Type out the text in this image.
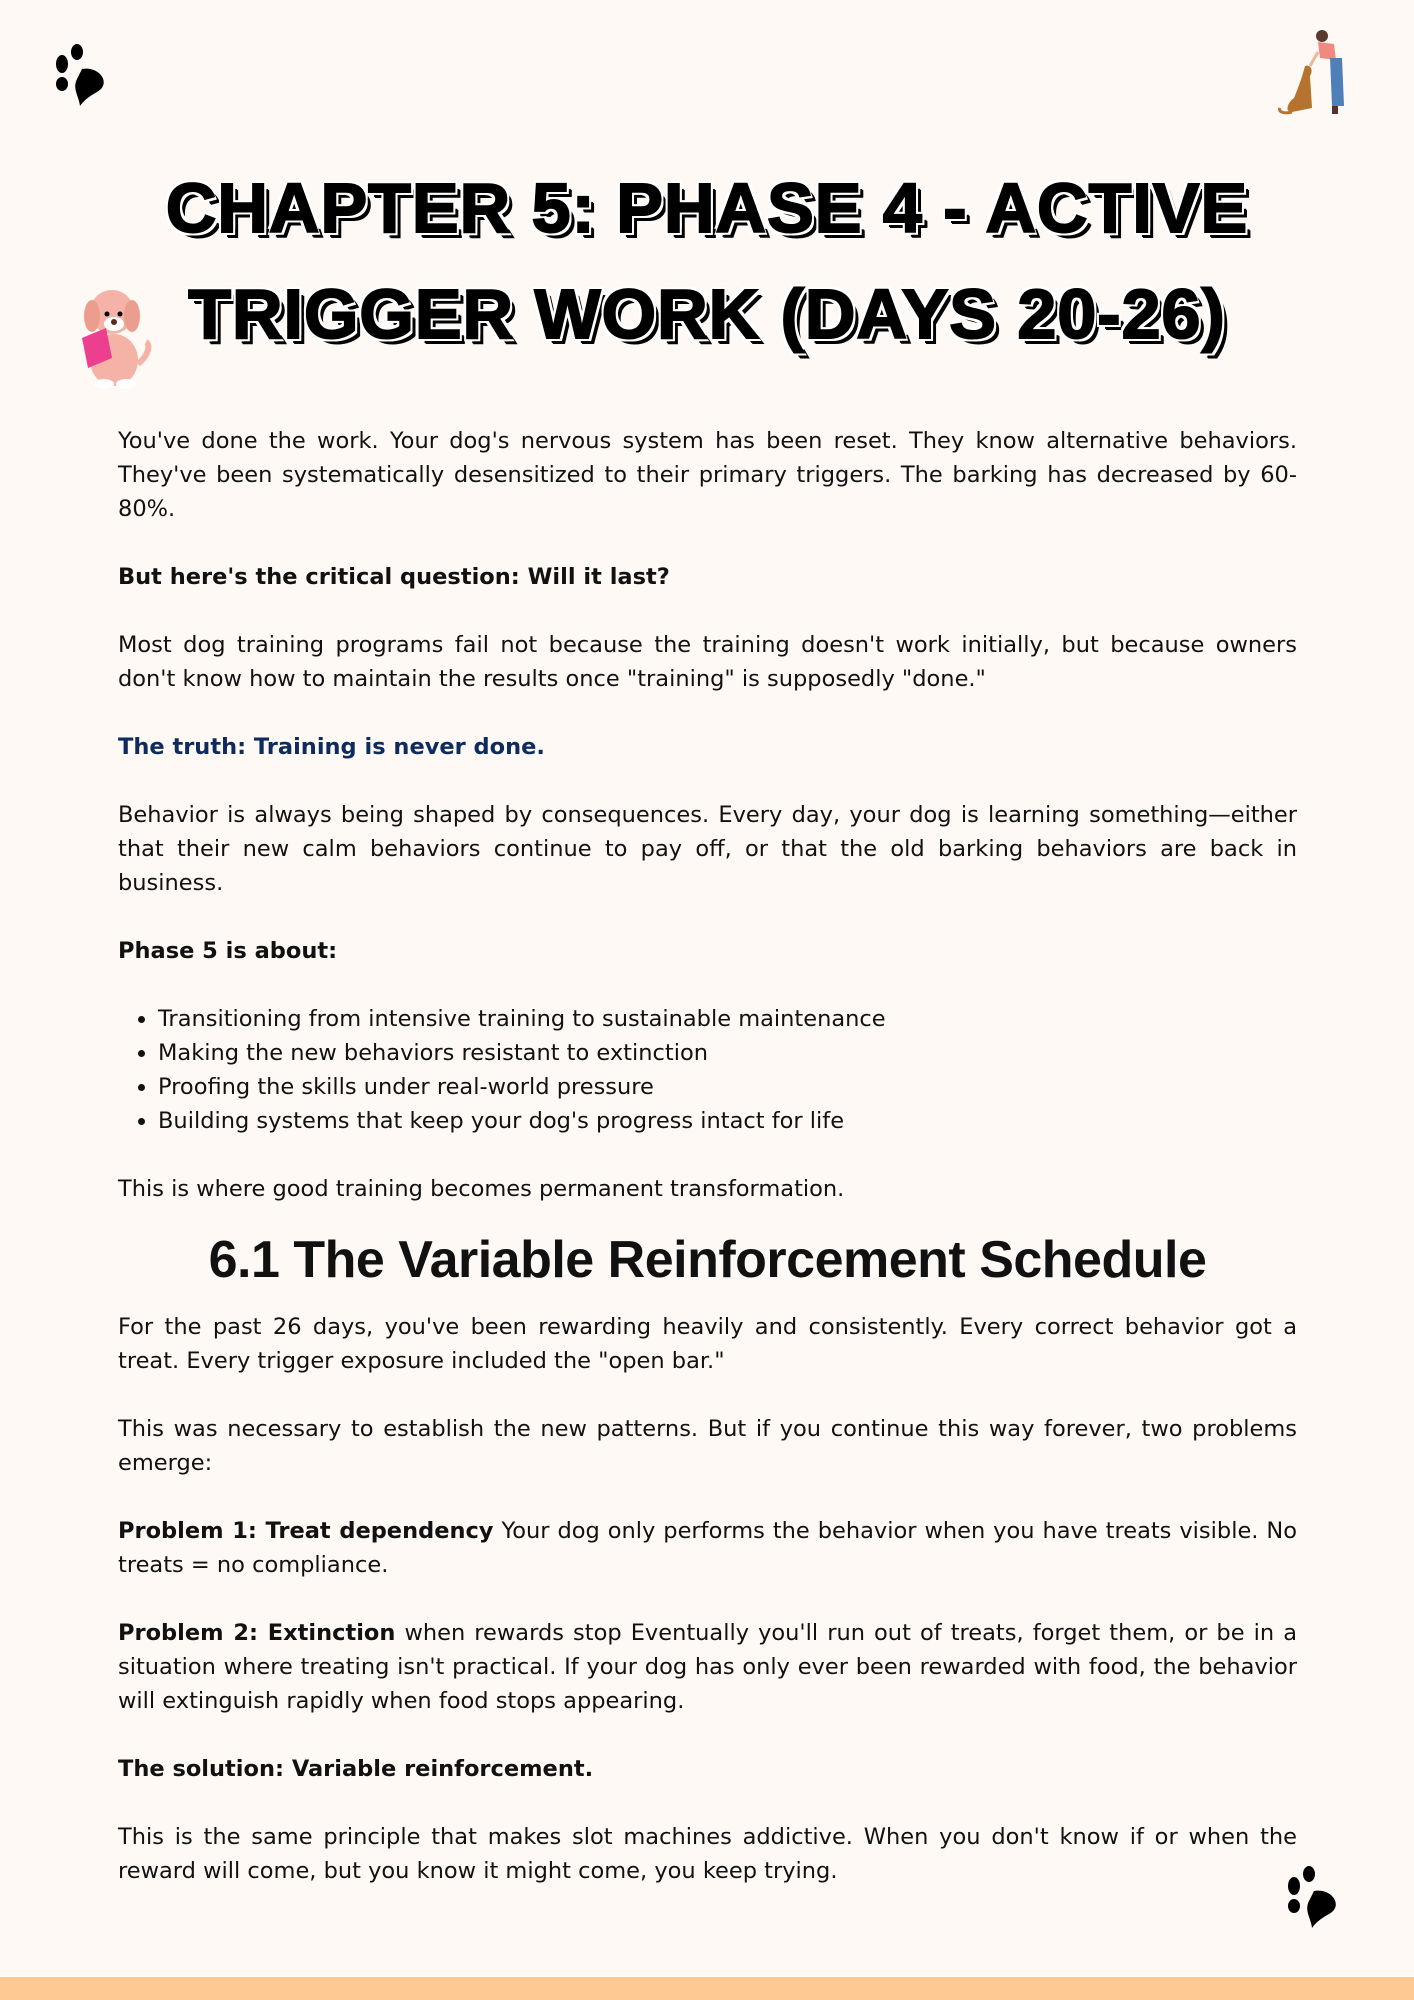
CHAPTER 5: PHASE 4 - ACTIVE TRIGGER WORK (DAYS 20-26)

You've done the work. Your dog's nervous system has been reset. They know alternative behaviors. They've been systematically desensitized to their primary triggers. The barking has decreased by 60-80%.

But here's the critical question: Will it last?

Most dog training programs fail not because the training doesn't work initially, but because owners don't know how to maintain the results once "training" is supposedly "done."

The truth: Training is never done.

Behavior is always being shaped by consequences. Every day, your dog is learning something—either that their new calm behaviors continue to pay off, or that the old barking behaviors are back in business.

Phase 5 is about:

• Transitioning from intensive training to sustainable maintenance
• Making the new behaviors resistant to extinction
• Proofing the skills under real-world pressure
• Building systems that keep your dog's progress intact for life

This is where good training becomes permanent transformation.

6.1 The Variable Reinforcement Schedule

For the past 26 days, you've been rewarding heavily and consistently. Every correct behavior got a treat. Every trigger exposure included the "open bar."

This was necessary to establish the new patterns. But if you continue this way forever, two problems emerge:

Problem 1: Treat dependency Your dog only performs the behavior when you have treats visible. No treats = no compliance.

Problem 2: Extinction when rewards stop Eventually you'll run out of treats, forget them, or be in a situation where treating isn't practical. If your dog has only ever been rewarded with food, the behavior will extinguish rapidly when food stops appearing.

The solution: Variable reinforcement.

This is the same principle that makes slot machines addictive. When you don't know if or when the reward will come, but you know it might come, you keep trying.
